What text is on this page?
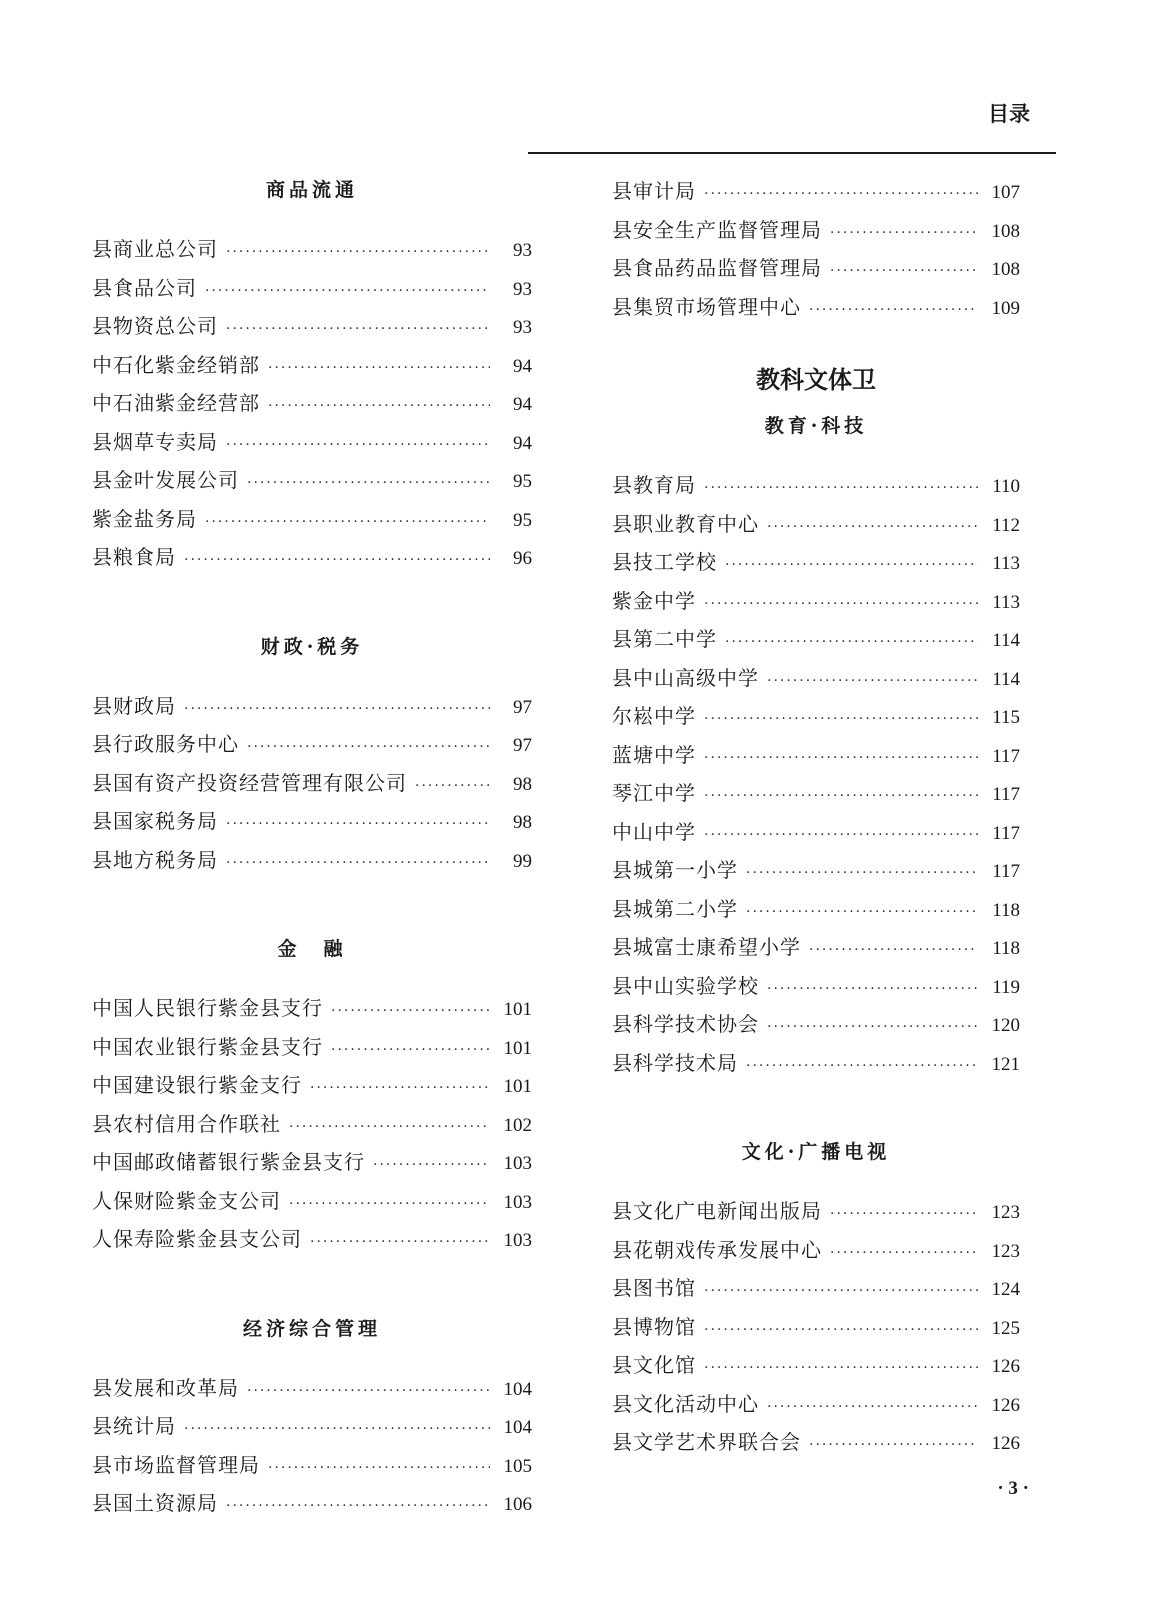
目录
商品流通
县商业总公司 ·····	93
县食品公司 ·····	93
县物资总公司 ·····	93
中石化紫金经销部 ·····	94
中石油紫金经营部 ·····	94
县烟草专卖局 ·····	94
县金叶发展公司 ·····	95
紫金盐务局 ·····	95
县粮食局 ·····	96
财政·税务
县财政局 ·····	97
县行政服务中心 ·····	97
县国有资产投资经营管理有限公司 ·····	98
县国家税务局 ·····	98
县地方税务局 ·····	99
金　融
中国人民银行紫金县支行 ·····	101
中国农业银行紫金县支行 ·····	101
中国建设银行紫金支行 ·····	101
县农村信用合作联社 ·····	102
中国邮政储蓄银行紫金县支行 ·····	103
人保财险紫金支公司 ·····	103
人保寿险紫金县支公司 ·····	103
经济综合管理
县发展和改革局 ·····	104
县统计局 ·····	104
县市场监督管理局 ·····	105
县国土资源局 ·····	106
县审计局 ·····	107
县安全生产监督管理局 ·····	108
县食品药品监督管理局 ·····	108
县集贸市场管理中心 ·····	109
教科文体卫
教育·科技
县教育局 ·····	110
县职业教育中心 ·····	112
县技工学校 ·····	113
紫金中学 ·····	113
县第二中学 ·····	114
县中山高级中学 ·····	114
尔崧中学 ·····	115
蓝塘中学 ·····	117
琴江中学 ·····	117
中山中学 ·····	117
县城第一小学 ·····	117
县城第二小学 ·····	118
县城富士康希望小学 ·····	118
县中山实验学校 ·····	119
县科学技术协会 ·····	120
县科学技术局 ·····	121
文化·广播电视
县文化广电新闻出版局 ·····	123
县花朝戏传承发展中心 ·····	123
县图书馆 ·····	124
县博物馆 ·····	125
县文化馆 ·····	126
县文化活动中心 ·····	126
县文学艺术界联合会 ·····	126
· 3 ·
